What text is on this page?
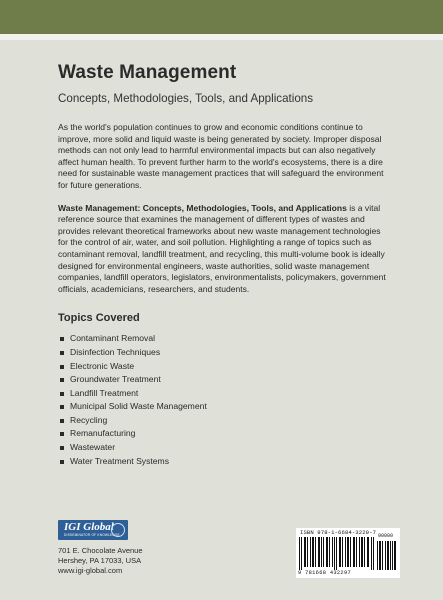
Waste Management
Concepts, Methodologies, Tools, and Applications

As the world's population continues to grow and economic conditions continue to improve, more solid and liquid waste is being generated by society. Improper disposal methods can not only lead to harmful environmental impacts but can also negatively affect human health. To prevent further harm to the world's ecosystems, there is a dire need for sustainable waste management practices that will safeguard the environment for future generations.

Waste Management: Concepts, Methodologies, Tools, and Applications is a vital reference source that examines the management of different types of wastes and provides relevant theoretical frameworks about new waste management technologies for the control of air, water, and soil pollution. Highlighting a range of topics such as contaminant removal, landfill treatment, and recycling, this multi-volume book is ideally designed for environmental engineers, waste authorities, solid waste management companies, landfill operators, legislators, environmentalists, policymakers, government officials, academicians, researchers, and students.

Topics Covered
Contaminant Removal
Disinfection Techniques
Electronic Waste
Groundwater Treatment
Landfill Treatment
Municipal Solid Waste Management
Recycling
Remanufacturing
Wastewater
Water Treatment Systems
IGI Global
DISSEMINATOR OF KNOWLEDGE
701 E. Chocolate Avenue
Hershey, PA 17033, USA
www.igi-global.com
ISBN 978-1-6684-3229-7 90000
9 781668 432297
